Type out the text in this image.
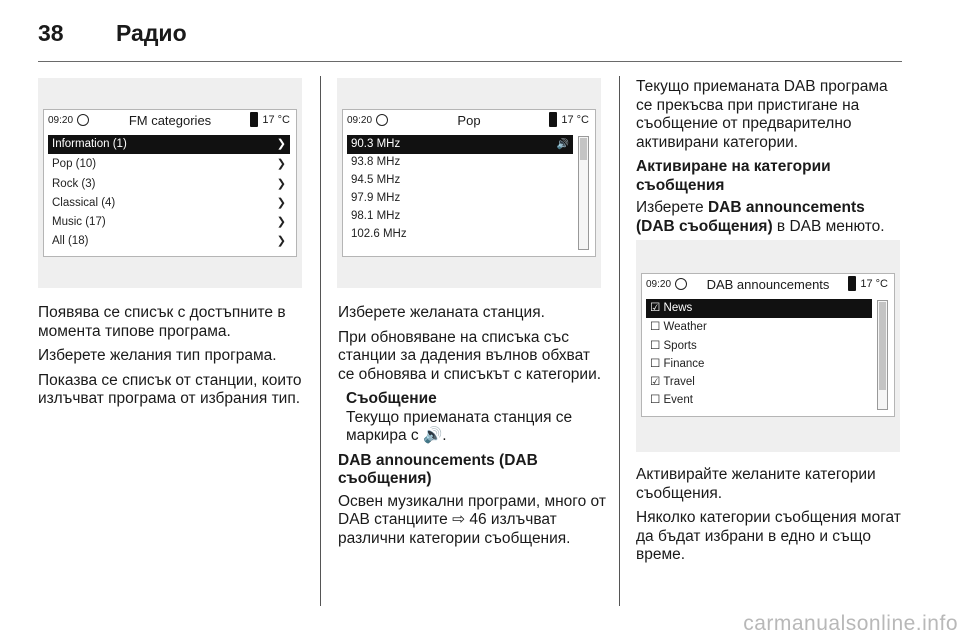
38 Радио
09:20	FM categories	17 °C
Information (1)	❯
Pop (10)	❯
Rock (3)	❯
Classical (4)	❯
Music (17)	❯
All (18)	❯

Появява се списък с достъпните в момента типове програма.

Изберете желания тип програма.

Показва се списък от станции, които излъчват програма от избрания тип.

09:20	Pop	17 °C
90.3 MHz	🔊
93.8 MHz
94.5 MHz
97.9 MHz
98.1 MHz
102.6 MHz

Изберете желаната станция.

При обновяване на списъка със станции за дадения вълнов обхват се обновява и списъкът с категории.

Съобщение
Текущо приеманата станция се маркира с 🔊.
DAB announcements (DAB съобщения)

Освен музикални програми, много от DAB станциите ⇨ 46 излъчват различни категории съобщения.

Текущо приеманата DAB програма се прекъсва при пристигане на съобщение от предварително активирани категории.

Активиране на категории съобщения

Изберете DAB announcements (DAB съобщения) в DAB менюто.

09:20	DAB announcements	17 °C
☑ News
☐ Weather
☐ Sports
☐ Finance
☑ Travel
☐ Event

Активирайте желаните категории съобщения.

Няколко категории съобщения могат да бъдат избрани в едно и също време.

carmanualsonline.info
